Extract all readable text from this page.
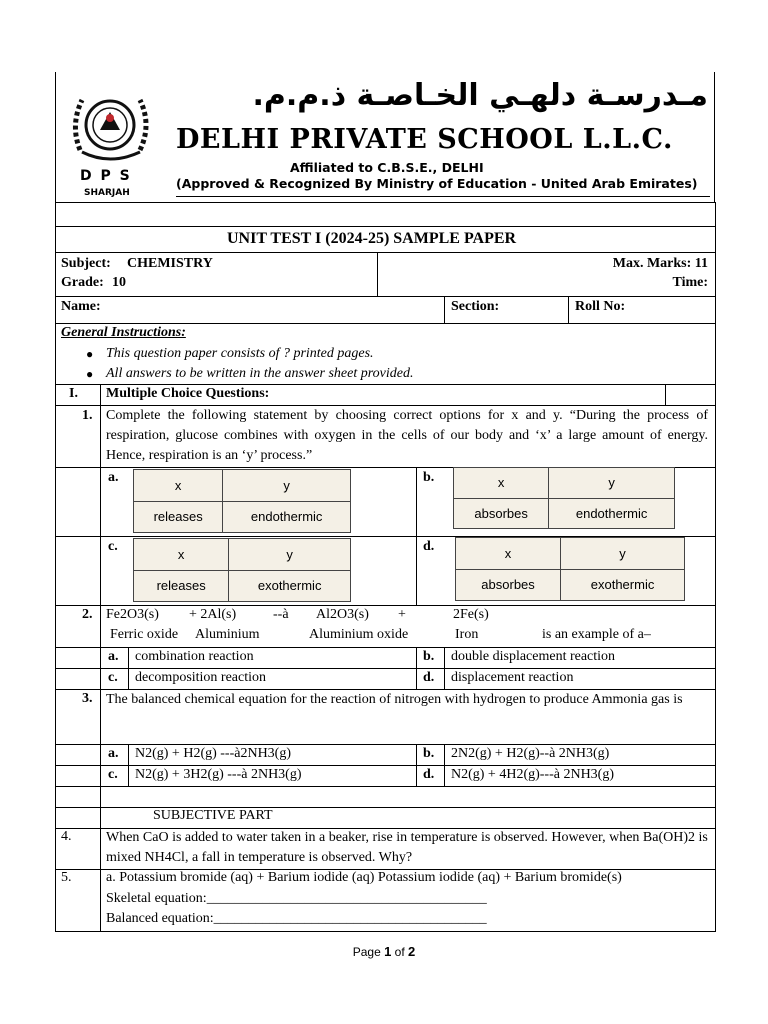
D P S
SHARJAH
مـدرسـة دلهـي الخـاصـة ذ.م.م.
DELHI PRIVATE SCHOOL L.L.C.
Affiliated to C.B.S.E., DELHI
(Approved & Recognized By Ministry of Education - United Arab Emirates)
UNIT TEST I (2024-25) SAMPLE PAPER
Subject: CHEMISTRY
Grade: 10
Max. Marks: 11
Time:
Name:	Section:	Roll No:
General Instructions:
● This question paper consists of ? printed pages.
● All answers to be written in the answer sheet provided.
I. Multiple Choice Questions:
1. Complete the following statement by choosing correct options for x and y. “During the process of respiration, glucose combines with oxygen in the cells of our body and ‘x’ a large amount of energy. Hence, respiration is an ‘y’ process.”
a.	b.
c.	d.
x	y
releases	endothermic
x	y
absorbes	endothermic
x	y
releases	exothermic
x	y
absorbes	exothermic
2. Fe2O3(s) + 2Al(s)	--à Al2O3(s) +	2Fe(s)
Ferric oxide Aluminium	Aluminium oxide	Iron	is an example of a–
a. combination reaction	b. double displacement reaction
c. decomposition reaction	d. displacement reaction
3. The balanced chemical equation for the reaction of nitrogen with hydrogen to produce Ammonia gas is
a. N2(g) + H2(g) ---à2NH3(g)	b. 2N2(g) + H2(g)--à 2NH3(g)
c. N2(g) + 3H2(g) ---à 2NH3(g)	d. N2(g) + 4H2(g)---à 2NH3(g)
SUBJECTIVE PART
4. When CaO is added to water taken in a beaker, rise in temperature is observed. However, when Ba(OH)2 is mixed NH4Cl, a fall in temperature is observed. Why?
5. a. Potassium bromide (aq) + Barium iodide (aq) Potassium iodide (aq) + Barium bromide(s)
Skeletal equation:________________________________________
Balanced equation:_______________________________________
Page 1 of 2
